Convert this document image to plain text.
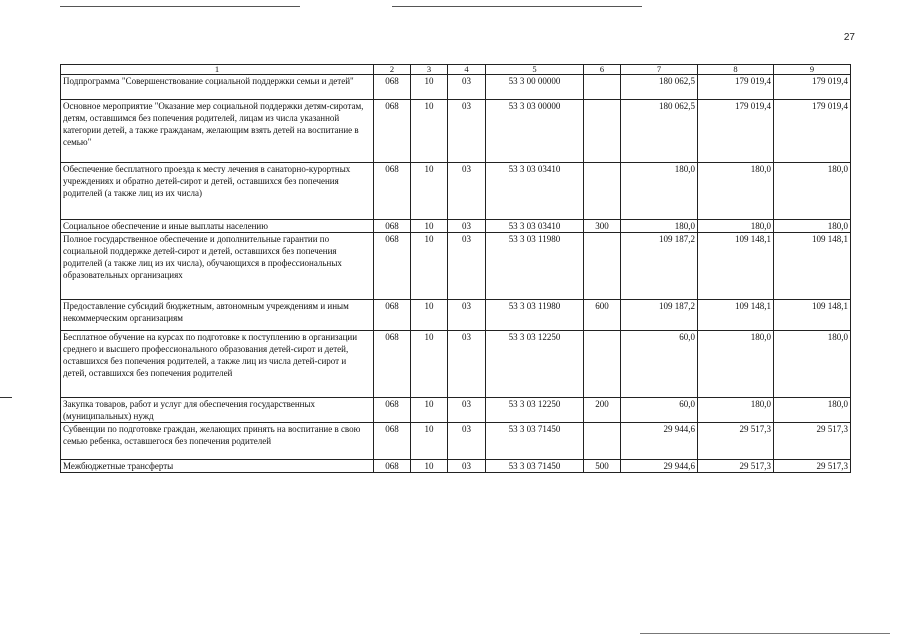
27
1	2	3	4	5	6	7	8	9
Подпрограмма "Совершенствование социальной поддержки семьи и детей"	068	10	03	53 3 00 00000		180 062,5	179 019,4	179 019,4
Основное мероприятие "Оказание мер социальной поддержки детям-сиротам, детям, оставшимся без попечения родителей, лицам из числа указанной категории детей, а также гражданам, желающим взять детей на воспитание в семью"	068	10	03	53 3 03 00000		180 062,5	179 019,4	179 019,4
Обеспечение бесплатного проезда к месту лечения в санаторно-курортных учреждениях и обратно детей-сирот и детей, оставшихся без попечения родителей (а также лиц из их числа)	068	10	03	53 3 03 03410		180,0	180,0	180,0
Социальное обеспечение и иные выплаты населению	068	10	03	53 3 03 03410	300	180,0	180,0	180,0
Полное государственное обеспечение и дополнительные гарантии по социальной поддержке детей-сирот и детей, оставшихся без попечения родителей (а также лиц из их числа), обучающихся в профессиональных образовательных организациях	068	10	03	53 3 03 11980		109 187,2	109 148,1	109 148,1
Предоставление субсидий бюджетным, автономным учреждениям и иным некоммерческим организациям	068	10	03	53 3 03 11980	600	109 187,2	109 148,1	109 148,1
Бесплатное обучение на курсах по подготовке к поступлению в организации среднего и высшего профессионального образования детей-сирот и детей, оставшихся без попечения родителей, а также лиц из числа детей-сирот и детей, оставшихся без попечения родителей	068	10	03	53 3 03 12250		60,0	180,0	180,0
Закупка товаров, работ и услуг для обеспечения государственных (муниципальных) нужд	068	10	03	53 3 03 12250	200	60,0	180,0	180,0
Субвенции по подготовке граждан, желающих принять на воспитание в свою семью ребенка, оставшегося без попечения родителей	068	10	03	53 3 03 71450		29 944,6	29 517,3	29 517,3
Межбюджетные трансферты	068	10	03	53 3 03 71450	500	29 944,6	29 517,3	29 517,3
